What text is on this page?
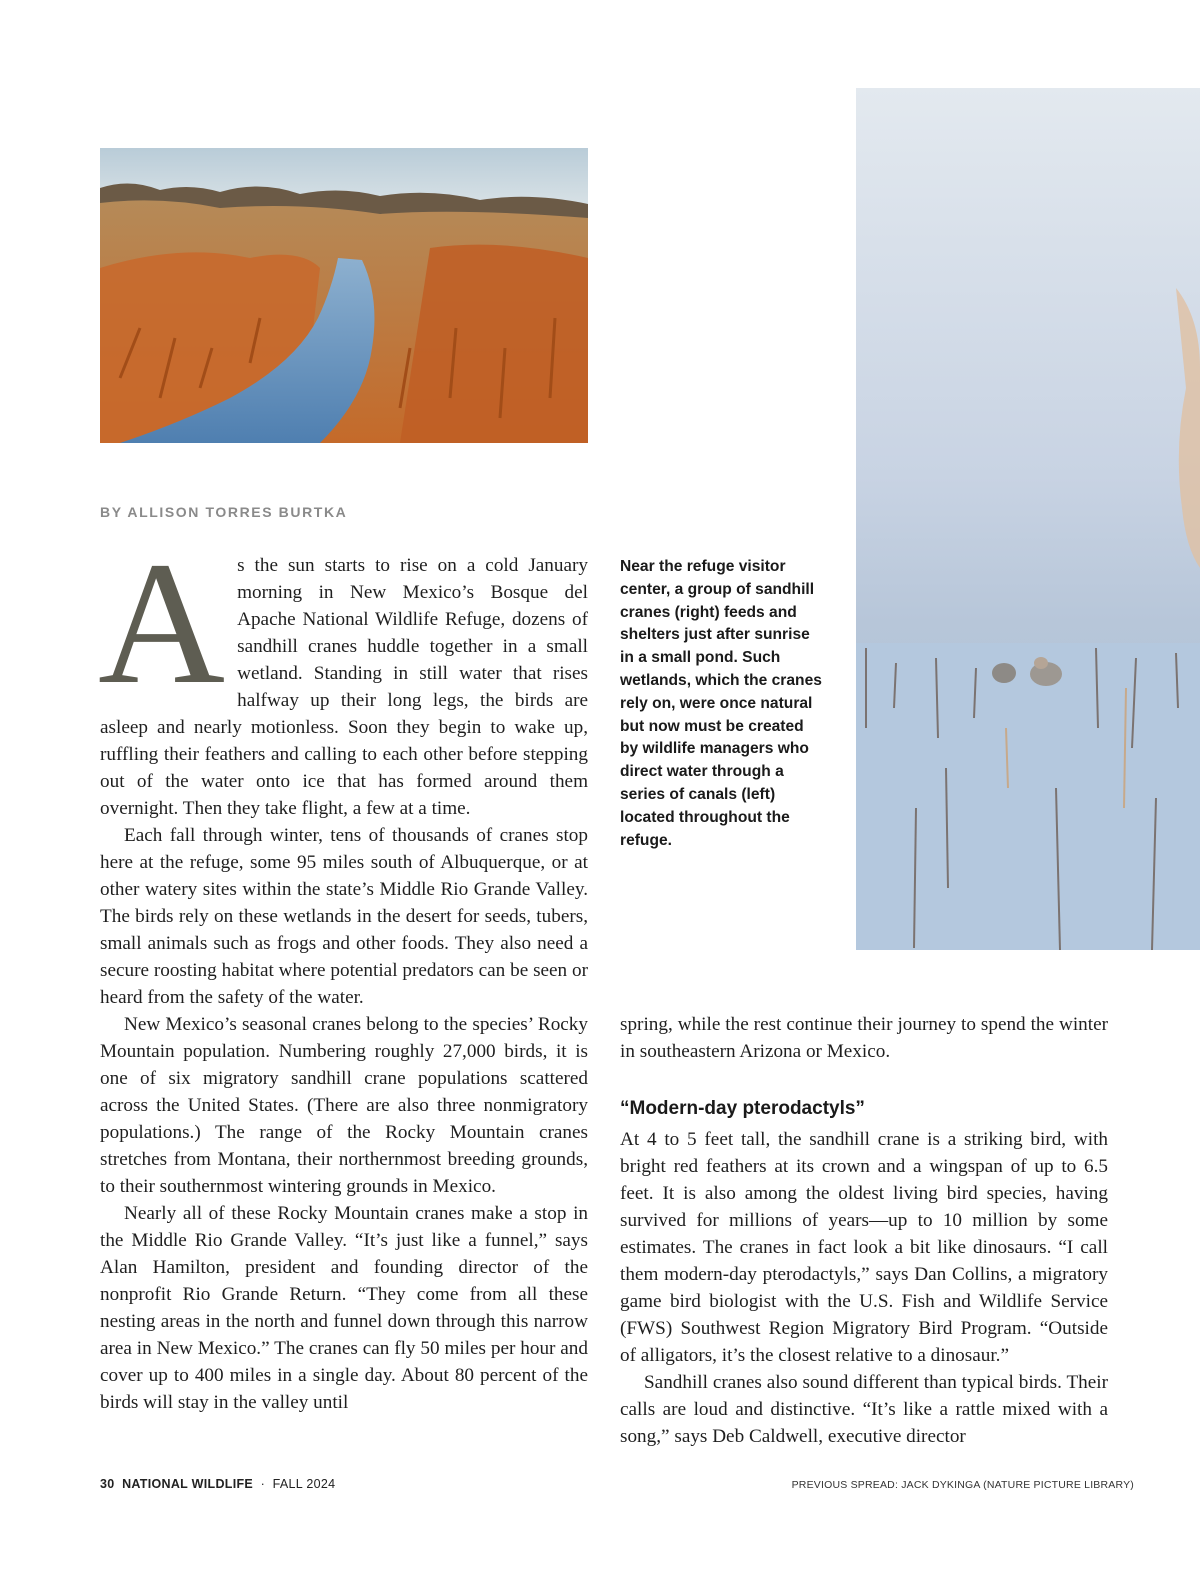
BY ALLISON TORRES BURTKA

As the sun starts to rise on a cold January morning in New Mexico’s Bosque del Apache National Wildlife Refuge, dozens of sandhill cranes huddle together in a small wetland. Standing in still water that rises halfway up their long legs, the birds are asleep and nearly motionless. Soon they begin to wake up, ruffling their feathers and calling to each other before stepping out of the water onto ice that has formed around them overnight. Then they take flight, a few at a time.

Each fall through winter, tens of thousands of cranes stop here at the refuge, some 95 miles south of Albuquerque, or at other watery sites within the state’s Middle Rio Grande Valley. The birds rely on these wetlands in the desert for seeds, tubers, small animals such as frogs and other foods. They also need a secure roosting habitat where potential predators can be seen or heard from the safety of the water.

New Mexico’s seasonal cranes belong to the species’ Rocky Mountain population. Numbering roughly 27,000 birds, it is one of six migratory sandhill crane populations scattered across the United States. (There are also three nonmigratory populations.) The range of the Rocky Mountain cranes stretches from Montana, their northernmost breeding grounds, to their southernmost wintering grounds in Mexico.

Nearly all of these Rocky Mountain cranes make a stop in the Middle Rio Grande Valley. “It’s just like a funnel,” says Alan Hamilton, president and founding director of the nonprofit Rio Grande Return. “They come from all these nesting areas in the north and funnel down through this narrow area in New Mexico.” The cranes can fly 50 miles per hour and cover up to 400 miles in a single day. About 80 percent of the birds will stay in the valley until

Near the refuge visitor center, a group of sandhill cranes (right) feeds and shelters just after sunrise in a small pond. Such wetlands, which the cranes rely on, were once natural but now must be created by wildlife managers who direct water through a series of canals (left) located throughout the refuge.

spring, while the rest continue their journey to spend the winter in southeastern Arizona or Mexico.

“Modern-day pterodactyls”

At 4 to 5 feet tall, the sandhill crane is a striking bird, with bright red feathers at its crown and a wingspan of up to 6.5 feet. It is also among the oldest living bird species, having survived for millions of years—up to 10 million by some estimates. The cranes in fact look a bit like dinosaurs. “I call them modern-day pterodactyls,” says Dan Collins, a migratory game bird biologist with the U.S. Fish and Wildlife Service (FWS) Southwest Region Migratory Bird Program. “Outside of alligators, it’s the closest relative to a dinosaur.”

Sandhill cranes also sound different than typical birds. Their calls are loud and distinctive. “It’s like a rattle mixed with a song,” says Deb Caldwell, executive director

30 NATIONAL WILDLIFE · FALL 2024	PREVIOUS SPREAD: JACK DYKINGA (NATURE PICTURE LIBRARY)
